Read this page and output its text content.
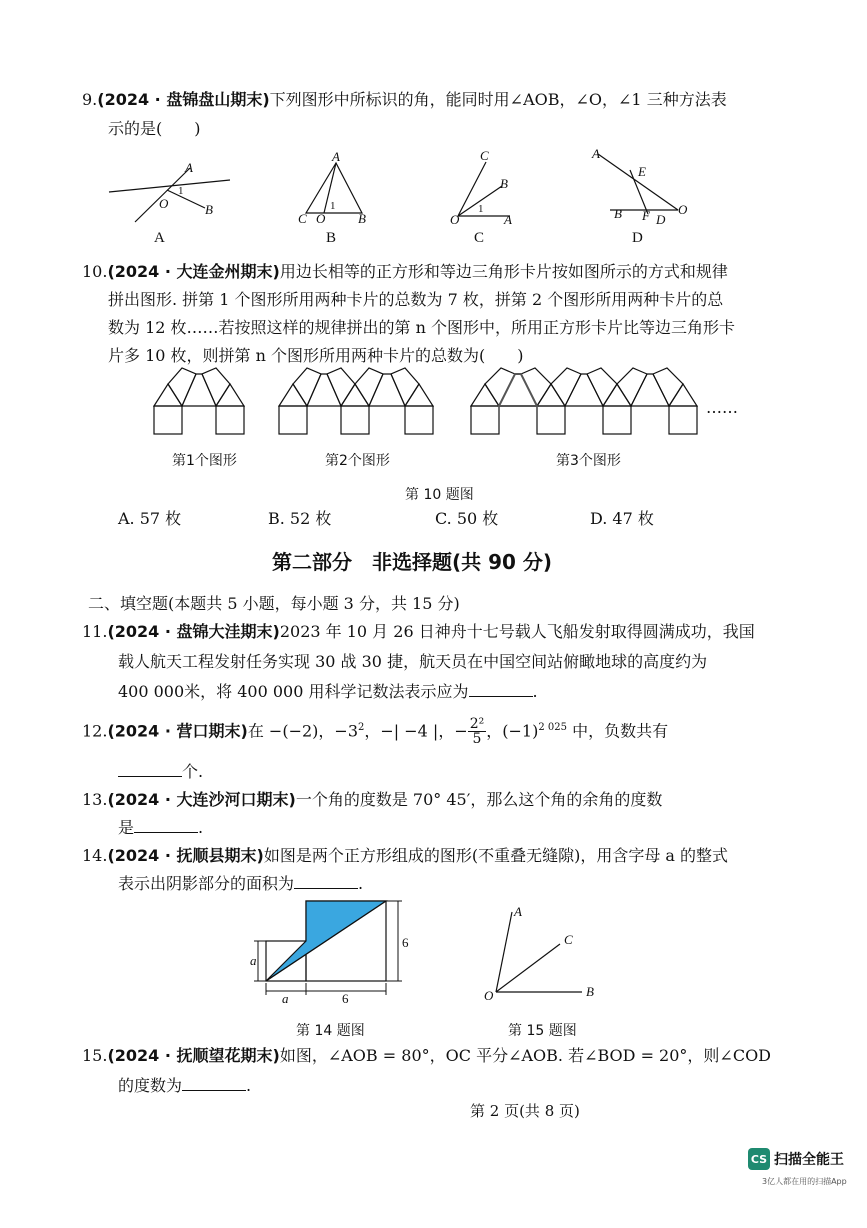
9.(2024 · 盘锦盘山期末)下列图形中所标识的角，能同时用∠AOB，∠O，∠1 三种方法表
示的是(　　)
A
O	B
1
A
C O	B
1
C
B
O	A
1
A
E
B F D
O
A	B	C	D
10.(2024 · 大连金州期末)用边长相等的正方形和等边三角形卡片按如图所示的方式和规律
拼出图形. 拼第 1 个图形所用两种卡片的总数为 7 枚，拼第 2 个图形所用两种卡片的总
数为 12 枚……若按照这样的规律拼出的第 n 个图形中，所用正方形卡片比等边三角形卡
片多 10 枚，则拼第 n 个图形所用两种卡片的总数为(　　)
……
第1个图形	第2个图形	第3个图形
第 10 题图
A. 57 枚	B. 52 枚	C. 50 枚	D. 47 枚
第二部分　非选择题(共 90 分)
二、填空题(本题共 5 小题，每小题 3 分，共 15 分)
11.(2024 · 盘锦大洼期末)2023 年 10 月 26 日神舟十七号载人飞船发射取得圆满成功，我国
载人航天工程发射任务实现 30 战 30 捷，航天员在中国空间站俯瞰地球的高度约为
400 000米，将 400 000 用科学记数法表示应为	.
12.(2024 · 营口期末)在 −(−2)，$-3^2$，−| −4 |，− $\frac{\text{2²}}{5}$ ，$(-1)^{2 025}$ 中，负数共有
个.
13.(2024 · 大连沙河口期末)一个角的度数是 70° 45′，那么这个角的余角的度数
是	.
14.(2024 · 抚顺县期末)如图是两个正方形组成的图形(不重叠无缝隙)，用含字母 a 的整式
表示出阴影部分的面积为	.
a
a
6
6
第 14 题图
A
C
B
O
第 15 题图
15.(2024 · 抚顺望花期末)如图，∠AOB = 80°，OC 平分∠AOB. 若∠BOD = 20°，则∠COD
的度数为	.
第 2 页(共 8 页)
CS 扫描全能王
3亿人都在用的扫描App
